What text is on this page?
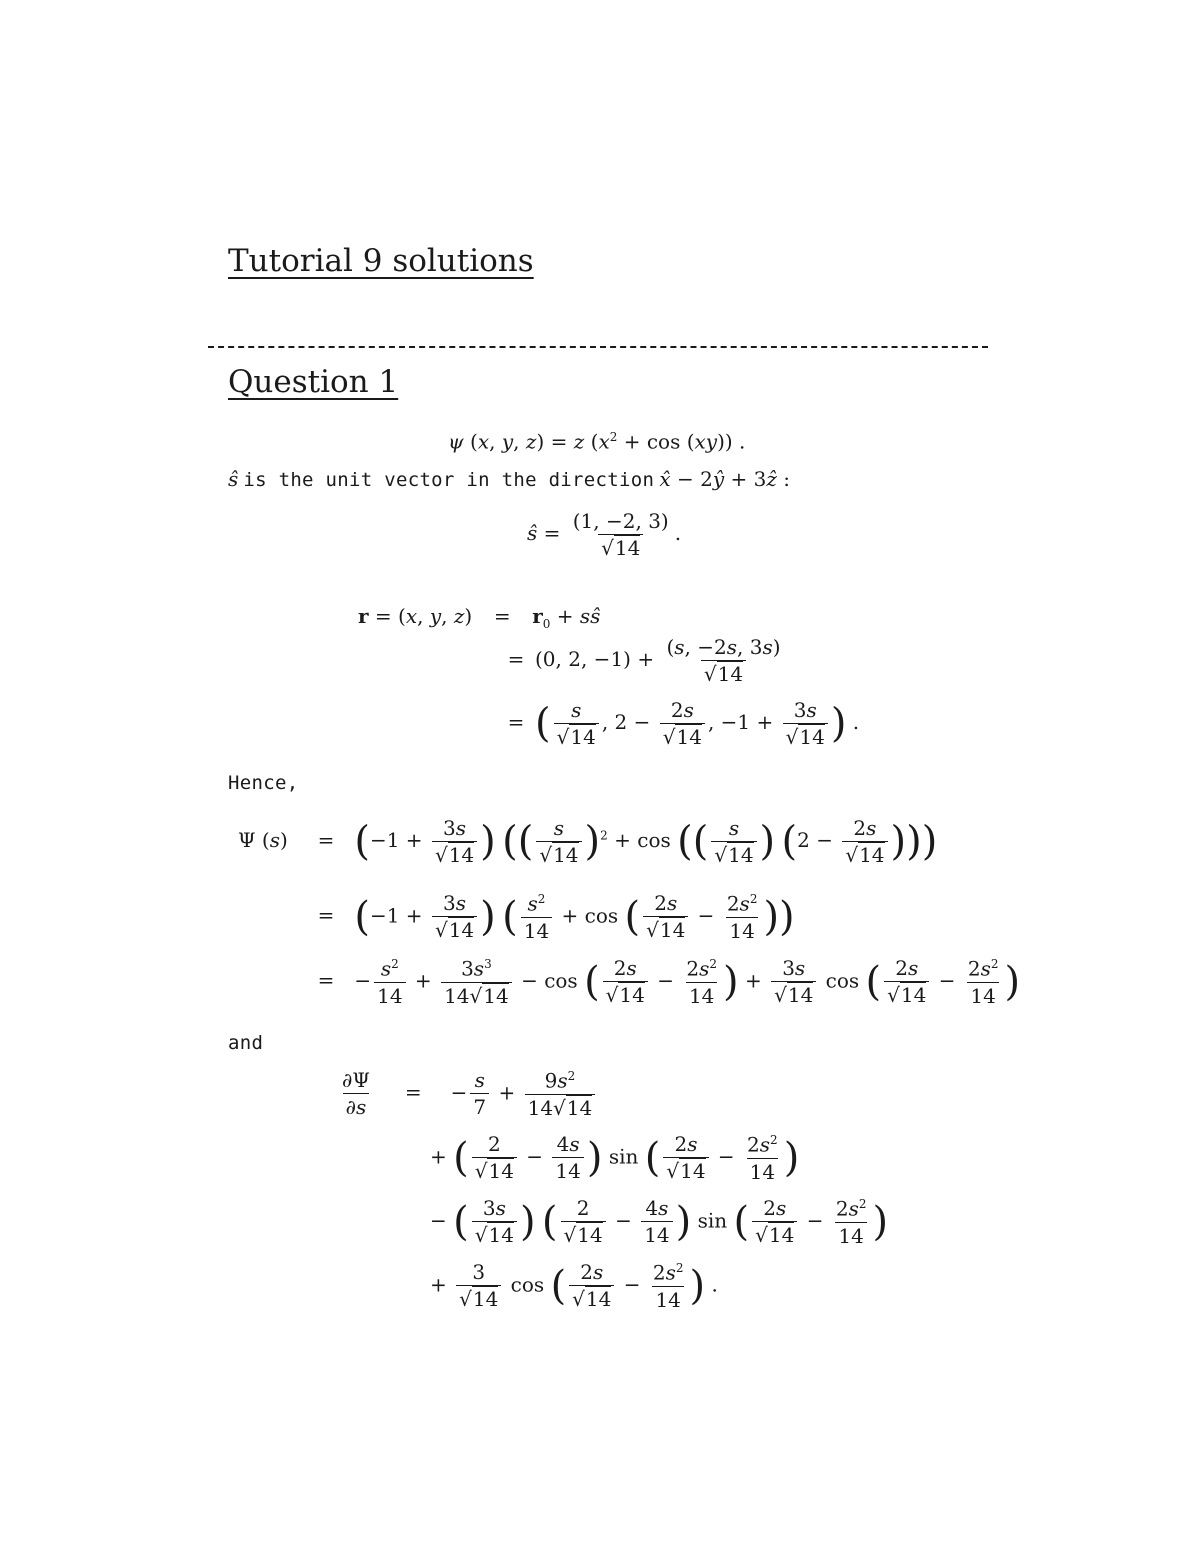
Tutorial 9 solutions
Question 1
ψ (x, y, z) = z $(x^2 + \cos (xy))$ .
ŝ is the unit vector in the direction x̂ − 2ŷ + 3ẑ :
ŝ = $\frac{(1, -2, 3)}{√14}$ .
r = (x, y, $z) = r_0$ + sŝ
= (0, 2, $-1) + \frac{(s, -2s, 3s)}{√14}$
= ( $\frac{s}{√14}$ , $2 - \frac{2s}{√14}$ , $-1 + \frac{3s}{√14}$ ) .
Hence,
Ψ $(s) = (-1 + \frac{3s}{√14}$ ) (( $\frac{s}{√14} )^2 + \cos$ (( $\frac{s}{√14}$ ) ($2 - \frac{2s}{√14}$ )))
= ($-1 + \frac{3s}{√14}$ ) ( $\frac{s^2}{14} + \cos$ ( $\frac{2s}{√14} - \frac{2s^2}{14}$ ))
= − $\frac{s^2}{14} + \frac{3s^3}{14√14} - \cos$ ( $\frac{2s}{√14} - \frac{2s^2}{14}$ ) + $\frac{3s}{√14}$ cos ( $\frac{2s}{√14} - \frac{2s^2}{14}$ )
and
$\frac{\partial\Psi}{\partial s}$ = − $\frac{s}{7} + \frac{9s^2}{14√14}$
+ ( $\frac{2}{√14} - \frac{4s}{14}$ ) sin ( $\frac{2s}{√14} - \frac{2s^2}{14}$ )
− ( $\frac{3s}{√14}$ ) ( $\frac{2}{√14} - \frac{4s}{14}$ ) sin ( $\frac{2s}{√14} - \frac{2s^2}{14}$ )
+ $\frac{3}{√14}$ cos ( $\frac{2s}{√14} - \frac{2s^2}{14}$ ) .
